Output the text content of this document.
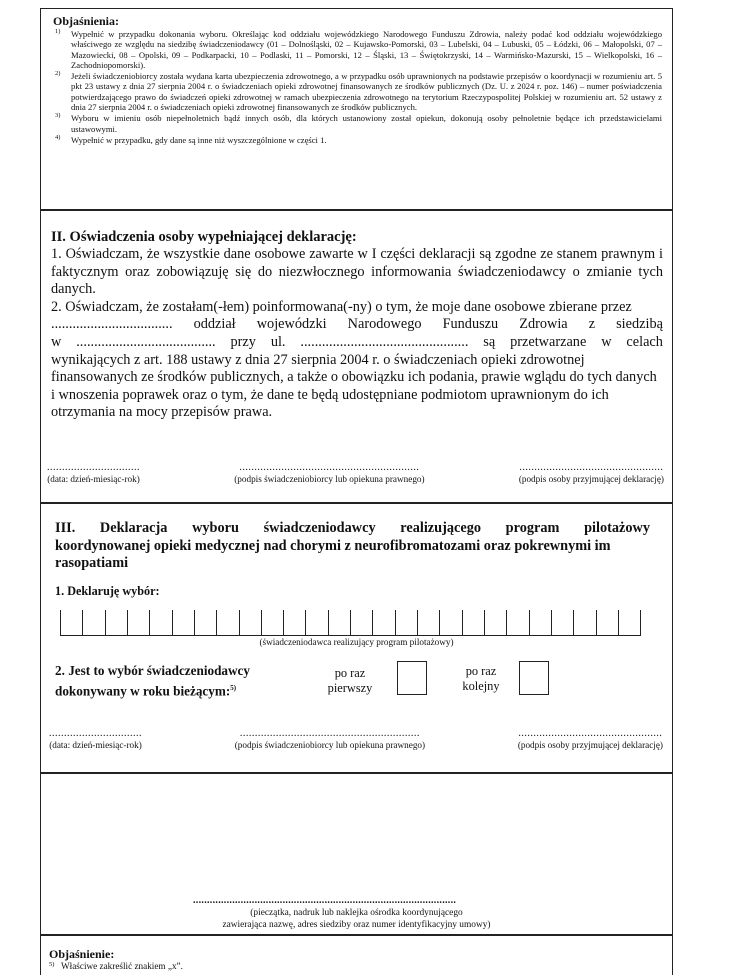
Objaśnienia:
1) Wypełnić w przypadku dokonania wyboru. Określając kod oddziału wojewódzkiego Narodowego Funduszu Zdrowia, należy podać kod oddziału wojewódzkiego właściwego ze względu na siedzibę świadczeniodawcy (01 – Dolnośląski, 02 – Kujawsko-Pomorski, 03 – Lubelski, 04 – Lubuski, 05 – Łódzki, 06 – Małopolski, 07 – Mazowiecki, 08 – Opolski, 09 – Podkarpacki, 10 – Podlaski, 11 – Pomorski, 12 – Śląski, 13 – Świętokrzyski, 14 – Warmińsko-Mazurski, 15 – Wielkopolski, 16 – Zachodniopomorski).
2) Jeżeli świadczeniobiorcy została wydana karta ubezpieczenia zdrowotnego, a w przypadku osób uprawnionych na podstawie przepisów o koordynacji w rozumieniu art. 5 pkt 23 ustawy z dnia 27 sierpnia 2004 r. o świadczeniach opieki zdrowotnej finansowanych ze środków publicznych (Dz. U. z 2024 r. poz. 146) – numer poświadczenia potwierdzającego prawo do świadczeń opieki zdrowotnej w ramach ubezpieczenia zdrowotnego na terytorium Rzeczypospolitej Polskiej w rozumieniu art. 52 ustawy z dnia 27 sierpnia 2004 r. o świadczeniach opieki zdrowotnej finansowanych ze środków publicznych.
3) Wyboru w imieniu osób niepełnoletnich bądź innych osób, dla których ustanowiony został opiekun, dokonują osoby pełnoletnie będące ich przedstawicielami ustawowymi.
4) Wypełnić w przypadku, gdy dane są inne niż wyszczególnione w części 1.
II. Oświadczenia osoby wypełniającej deklarację:
1. Oświadczam, że wszystkie dane osobowe zawarte w I części deklaracji są zgodne ze stanem prawnym i faktycznym oraz zobowiązuję się do niezwłocznego informowania świadczeniodawcy o zmianie tych danych.
2. Oświadczam, że zostałam(-łem) poinformowana(-ny) o tym, że moje dane osobowe zbierane przez
.................................. oddział wojewódzki Narodowego Funduszu Zdrowia z siedzibą
w ....................................... przy ul. ............................................... są przetwarzane w celach
wynikających z art. 188 ustawy z dnia 27 sierpnia 2004 r. o świadczeniach opieki zdrowotnej finansowanych ze środków publicznych, a także o obowiązku ich podania, prawie wglądu do tych danych i wnoszenia poprawek oraz o tym, że dane te będą udostępniane podmiotom uprawnionym do ich otrzymania na mocy przepisów prawa.
...............................
(data: dzień-miesiąc-rok)
............................................................
(podpis świadczeniobiorcy lub opiekuna prawnego)
................................................
(podpis osoby przyjmującej deklarację)
III. Deklaracja wyboru świadczeniodawcy realizującego program pilotażowy
koordynowanej opieki medycznej nad chorymi z neurofibromatozami oraz pokrewnymi im rasopatiami
1. Deklaruję wybór:
(świadczeniodawca realizujący program pilotażowy)
2. Jest to wybór świadczeniodawcy
dokonywany w roku bieżącym:$^{5)}$
po raz
pierwszy
po raz
kolejny
...............................
(data: dzień-miesiąc-rok)
............................................................
(podpis świadczeniobiorcy lub opiekuna prawnego)
................................................
(podpis osoby przyjmującej deklarację)
..............................................................................................
(pieczątka, nadruk lub naklejka ośrodka koordynującego
zawierająca nazwę, adres siedziby oraz numer identyfikacyjny umowy)
Objaśnienie:
5) Właściwe zakreślić znakiem „x”.
